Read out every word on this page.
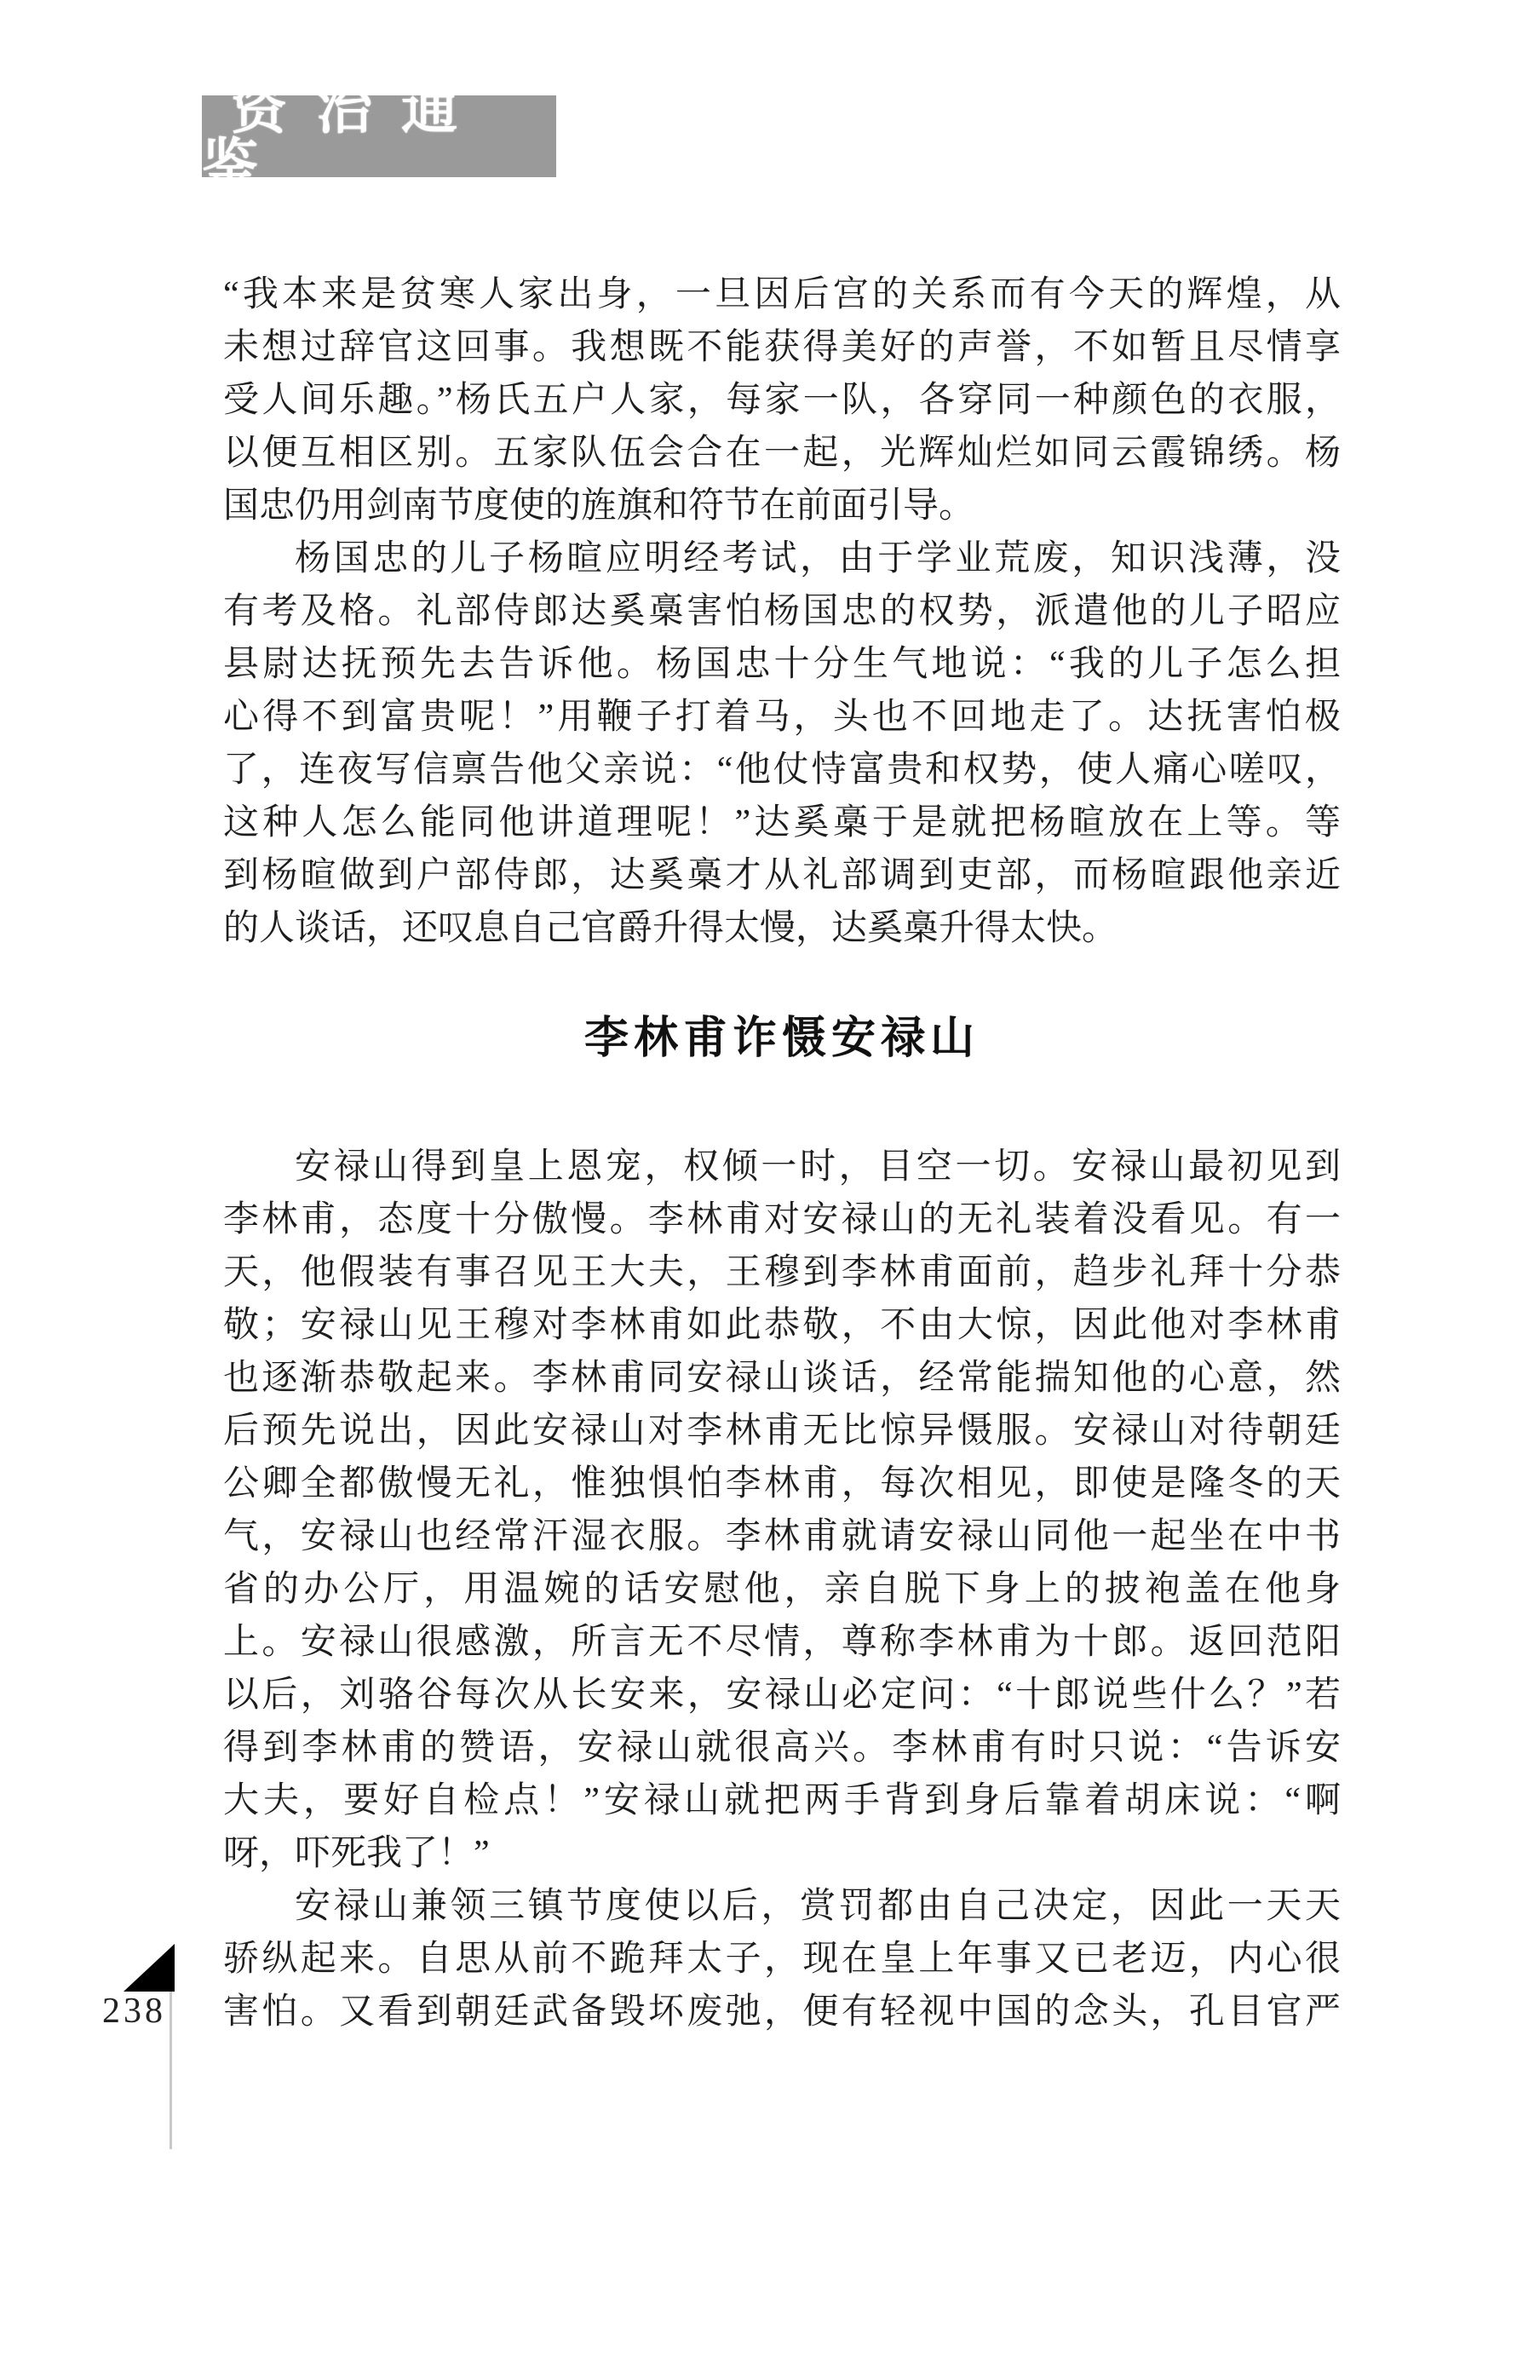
资治通鉴
“我本来是贫寒人家出身，一旦因后宫的关系而有今天的辉煌，从
未想过辞官这回事。我想既不能获得美好的声誉，不如暂且尽情享
受人间乐趣。”杨氏五户人家，每家一队，各穿同一种颜色的衣服，
以便互相区别。五家队伍会合在一起，光辉灿烂如同云霞锦绣。杨
国忠仍用剑南节度使的旌旗和符节在前面引导。
杨国忠的儿子杨暄应明经考试，由于学业荒废，知识浅薄，没
有考及格。礼部侍郎达奚槀害怕杨国忠的权势，派遣他的儿子昭应
县尉达抚预先去告诉他。杨国忠十分生气地说：“我的儿子怎么担
心得不到富贵呢！”用鞭子打着马，头也不回地走了。达抚害怕极
了，连夜写信禀告他父亲说：“他仗恃富贵和权势，使人痛心嗟叹，
这种人怎么能同他讲道理呢！”达奚槀于是就把杨暄放在上等。等
到杨暄做到户部侍郎，达奚槀才从礼部调到吏部，而杨暄跟他亲近
的人谈话，还叹息自己官爵升得太慢，达奚槀升得太快。
李林甫诈慑安禄山
安禄山得到皇上恩宠，权倾一时，目空一切。安禄山最初见到
李林甫，态度十分傲慢。李林甫对安禄山的无礼装着没看见。有一
天，他假装有事召见王大夫，王穆到李林甫面前，趋步礼拜十分恭
敬；安禄山见王穆对李林甫如此恭敬，不由大惊，因此他对李林甫
也逐渐恭敬起来。李林甫同安禄山谈话，经常能揣知他的心意，然
后预先说出，因此安禄山对李林甫无比惊异慑服。安禄山对待朝廷
公卿全都傲慢无礼，惟独惧怕李林甫，每次相见，即使是隆冬的天
气，安禄山也经常汗湿衣服。李林甫就请安禄山同他一起坐在中书
省的办公厅，用温婉的话安慰他，亲自脱下身上的披袍盖在他身
上。安禄山很感激，所言无不尽情，尊称李林甫为十郎。返回范阳
以后，刘骆谷每次从长安来，安禄山必定问：“十郎说些什么？”若
得到李林甫的赞语，安禄山就很高兴。李林甫有时只说：“告诉安
大夫，要好自检点！”安禄山就把两手背到身后靠着胡床说：“啊
呀，吓死我了！”
安禄山兼领三镇节度使以后，赏罚都由自己决定，因此一天天
骄纵起来。自思从前不跪拜太子，现在皇上年事又已老迈，内心很
害怕。又看到朝廷武备毁坏废弛，便有轻视中国的念头，孔目官严
238
